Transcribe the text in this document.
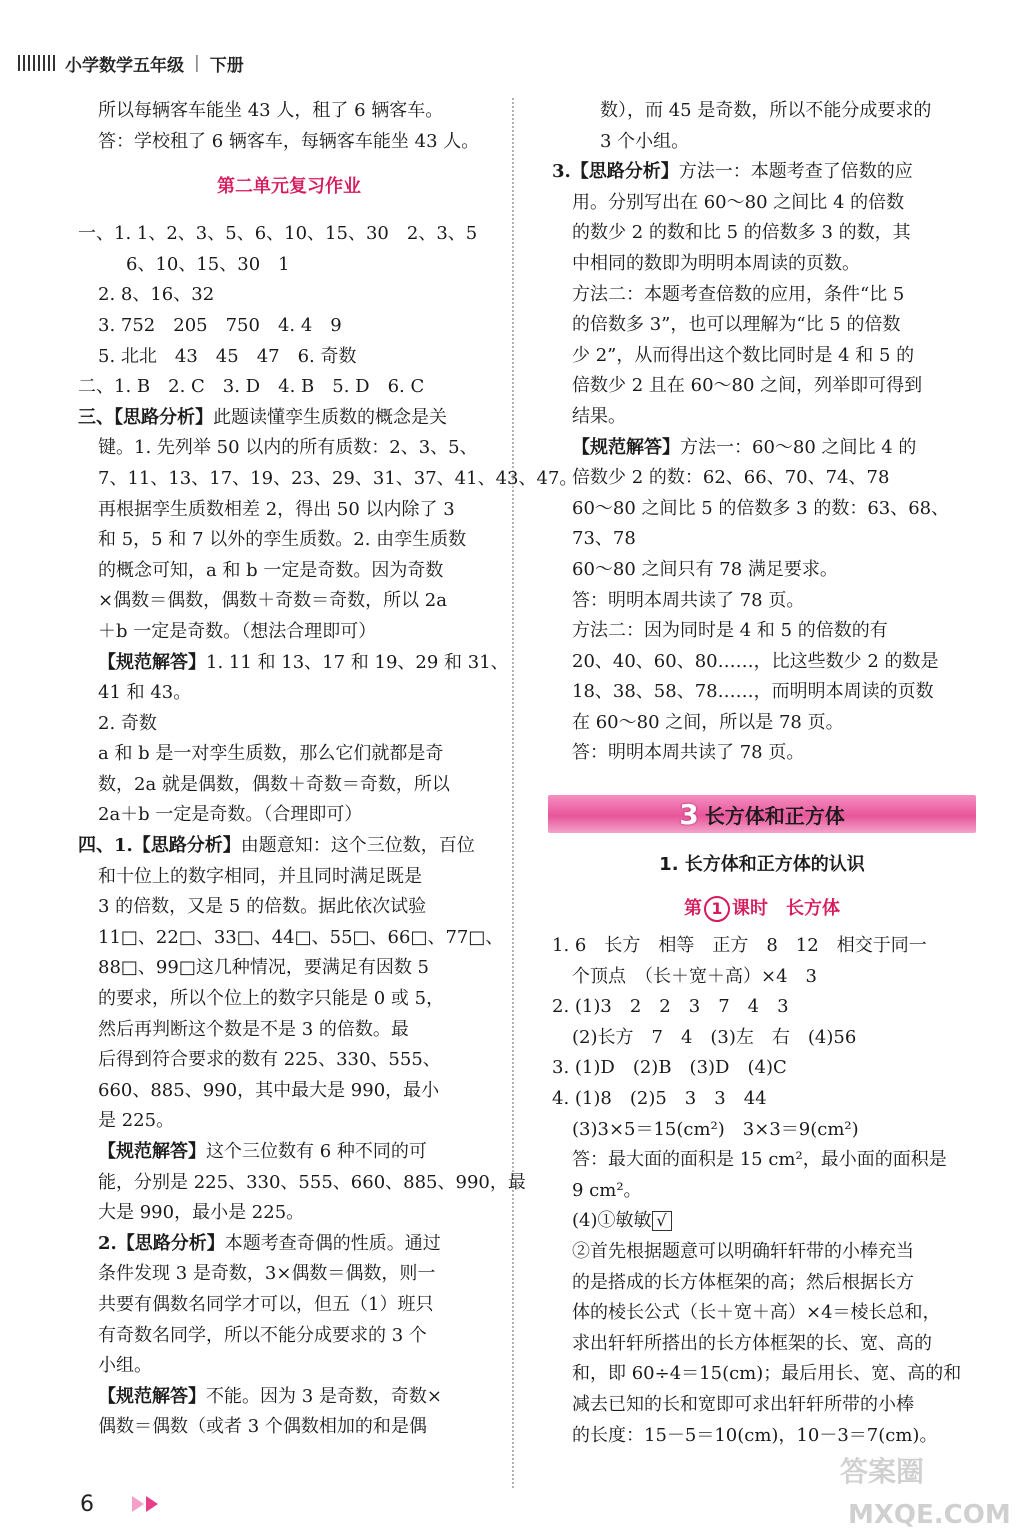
小学数学五年级 | 下册
所以每辆客车能坐 43 人，租了 6 辆客车。
答：学校租了 6 辆客车，每辆客车能坐 43 人。
第二单元复习作业
一、1. 1、2、3、5、6、10、15、30　2、3、5
6、10、15、30　1
2. 8、16、32
3. 752　205　750　4. 4　9
5. 北北　43　45　47　6. 奇数
二、1. B　2. C　3. D　4. B　5. D　6. C
三、【思路分析】此题读懂孪生质数的概念是关
键。1. 先列举 50 以内的所有质数：2、3、5、
7、11、13、17、19、23、29、31、37、41、43、47。
再根据孪生质数相差 2，得出 50 以内除了 3
和 5，5 和 7 以外的孪生质数。2. 由孪生质数
的概念可知，a 和 b 一定是奇数。因为奇数
×偶数＝偶数，偶数＋奇数＝奇数，所以 2a
＋b 一定是奇数。（想法合理即可）
【规范解答】1. 11 和 13、17 和 19、29 和 31、
41 和 43。
2. 奇数
a 和 b 是一对孪生质数，那么它们就都是奇
数，2a 就是偶数，偶数＋奇数＝奇数，所以
2a＋b 一定是奇数。（合理即可）
四、1.【思路分析】由题意知：这个三位数，百位
和十位上的数字相同，并且同时满足既是
3 的倍数，又是 5 的倍数。据此依次试验
11□、22□、33□、44□、55□、66□、77□、
88□、99□这几种情况，要满足有因数 5
的要求，所以个位上的数字只能是 0 或 5，
然后再判断这个数是不是 3 的倍数。最
后得到符合要求的数有 225、330、555、
660、885、990，其中最大是 990，最小
是 225。
【规范解答】这个三位数有 6 种不同的可
能，分别是 225、330、555、660、885、990，最
大是 990，最小是 225。
2.【思路分析】本题考查奇偶的性质。通过
条件发现 3 是奇数，3×偶数＝偶数，则一
共要有偶数名同学才可以，但五（1）班只
有奇数名同学，所以不能分成要求的 3 个
小组。
【规范解答】不能。因为 3 是奇数，奇数×
偶数＝偶数（或者 3 个偶数相加的和是偶
数），而 45 是奇数，所以不能分成要求的
3 个小组。
3.【思路分析】方法一：本题考查了倍数的应
用。分别写出在 60～80 之间比 4 的倍数
的数少 2 的数和比 5 的倍数多 3 的数，其
中相同的数即为明明本周读的页数。
方法二：本题考查倍数的应用，条件“比 5
的倍数多 3”，也可以理解为“比 5 的倍数
少 2”，从而得出这个数比同时是 4 和 5 的
倍数少 2 且在 60～80 之间，列举即可得到
结果。
【规范解答】方法一：60～80 之间比 4 的
倍数少 2 的数：62、66、70、74、78
60～80 之间比 5 的倍数多 3 的数：63、68、
73、78
60～80 之间只有 78 满足要求。
答：明明本周共读了 78 页。
方法二：因为同时是 4 和 5 的倍数的有
20、40、60、80……，比这些数少 2 的数是
18、38、58、78……，而明明本周读的页数
在 60～80 之间，所以是 78 页。
答：明明本周共读了 78 页。
3 长方体和正方体
1. 长方体和正方体的认识
第 1 课时　长方体
1. 6　长方　相等　正方　8　12　相交于同一
个顶点　（长＋宽＋高）×4　3
2. (1)3　2　2　3　7　4　3
(2)长方　7　4　(3)左　右　(4)56
3. (1)D　(2)B　(3)D　(4)C
4. (1)8　(2)5　3　3　44
(3)3×5＝15(cm²)　3×3＝9(cm²)
答：最大面的面积是 15 cm²，最小面的面积是
9 cm²。
(4)①敏敏 √
②首先根据题意可以明确轩轩带的小棒充当
的是搭成的长方体框架的高；然后根据长方
体的棱长公式（长＋宽＋高）×4＝棱长总和，
求出轩轩所搭出的长方体框架的长、宽、高的
和，即 60÷4＝15(cm)；最后用长、宽、高的和
减去已知的长和宽即可求出轩轩所带的小棒
的长度：15－5＝10(cm)，10－3＝7(cm)。
6
答案圈
MXQE.COM
